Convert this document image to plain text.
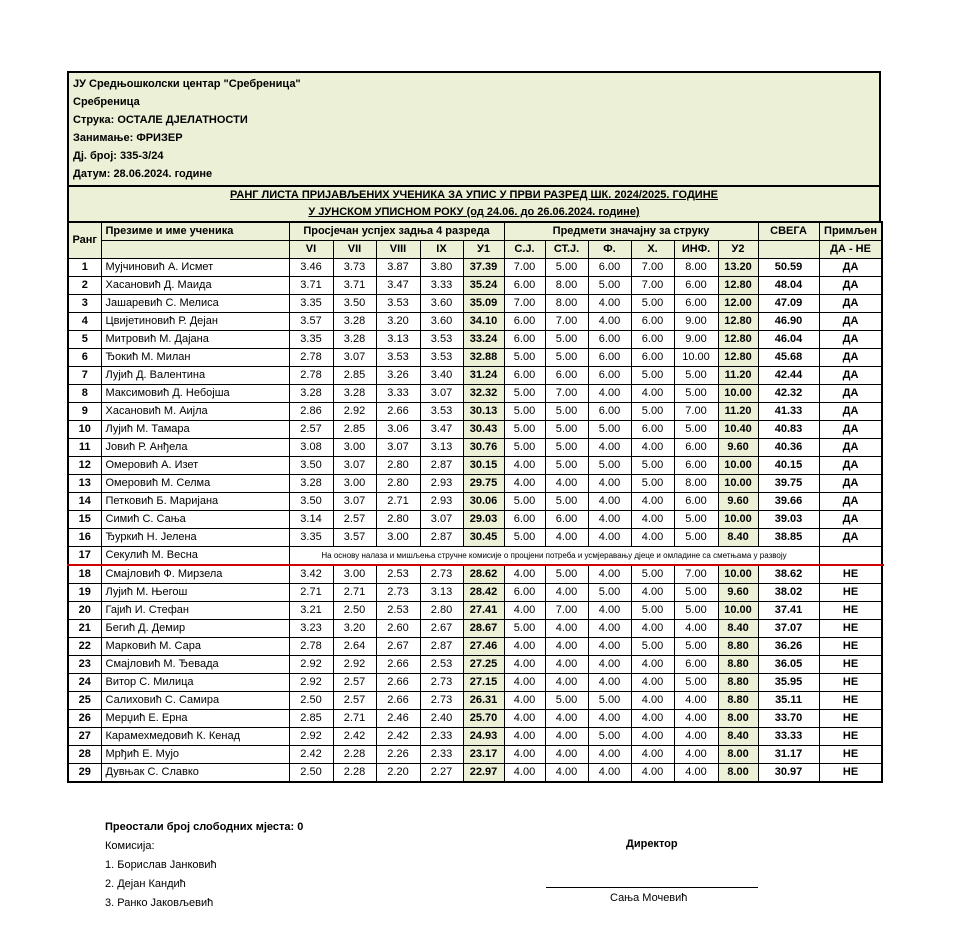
ЈУ Средњошколски центар "Сребреница"
Сребреница
Струка: ОСТАЛЕ ДЈЕЛАТНОСТИ
Занимање: ФРИЗЕР
Дј. број: 335-3/24
Датум: 28.06.2024. године
РАНГ ЛИСТА ПРИЈАВЉЕНИХ УЧЕНИКА ЗА УПИС У ПРВИ РАЗРЕД ШК. 2024/2025. ГОДИНЕ
У ЈУНСКОМ УПИСНОМ РОКУ (од 24.06. до 26.06.2024. године)
Ранг	Презиме и име ученика	Просјечан успјех задња 4 разреда					Предмети значајну за струку						СВЕГА	Примљен	
		VI	VII	VIII	IX	У1	С.Ј.	СТ.Ј.	Ф.	Х.	ИНФ.	У2		ДА - НЕ	
1	Мујчиновић А. Исмет	3.46	3.73	3.87	3.80	37.39	7.00	5.00	6.00	7.00	8.00	13.20	50.59	ДА	
2	Хасановић Д. Маида	3.71	3.71	3.47	3.33	35.24	6.00	8.00	5.00	7.00	6.00	12.80	48.04	ДА	
3	Јашаревић С. Мелиса	3.35	3.50	3.53	3.60	35.09	7.00	8.00	4.00	5.00	6.00	12.00	47.09	ДА	
4	Цвијетиновић Р. Дејан	3.57	3.28	3.20	3.60	34.10	6.00	7.00	4.00	6.00	9.00	12.80	46.90	ДА	
5	Митровић М. Дајана	3.35	3.28	3.13	3.53	33.24	6.00	5.00	6.00	6.00	9.00	12.80	46.04	ДА	
6	Ђокић М. Милан	2.78	3.07	3.53	3.53	32.88	5.00	5.00	6.00	6.00	10.00	12.80	45.68	ДА	
7	Лујић Д. Валентина	2.78	2.85	3.26	3.40	31.24	6.00	6.00	6.00	5.00	5.00	11.20	42.44	ДА	
8	Максимовић Д. Небојша	3.28	3.28	3.33	3.07	32.32	5.00	7.00	4.00	4.00	5.00	10.00	42.32	ДА	
9	Хасановић М. Аијла	2.86	2.92	2.66	3.53	30.13	5.00	5.00	6.00	5.00	7.00	11.20	41.33	ДА	
10	Лујић М. Тамара	2.57	2.85	3.06	3.47	30.43	5.00	5.00	5.00	6.00	5.00	10.40	40.83	ДА	
11	Јовић Р. Анђела	3.08	3.00	3.07	3.13	30.76	5.00	5.00	4.00	4.00	6.00	9.60	40.36	ДА	
12	Омеровић А. Изет	3.50	3.07	2.80	2.87	30.15	4.00	5.00	5.00	5.00	6.00	10.00	40.15	ДА	
13	Омеровић М. Селма	3.28	3.00	2.80	2.93	29.75	4.00	4.00	4.00	5.00	8.00	10.00	39.75	ДА	
14	Петковић Б. Маријана	3.50	3.07	2.71	2.93	30.06	5.00	5.00	4.00	4.00	6.00	9.60	39.66	ДА	
15	Симић С. Сања	3.14	2.57	2.80	3.07	29.03	6.00	6.00	4.00	4.00	5.00	10.00	39.03	ДА	
16	Ђуркић Н. Јелена	3.35	3.57	3.00	2.87	30.45	5.00	4.00	4.00	4.00	5.00	8.40	38.85	ДА	
17	Секулић М. Весна	На основу налаза и мишљења стручне комисије о процјени потреба и усмјеравању дјеце и омладине са сметњама у развоју		
18	Смајловић Ф. Мирзела	3.42	3.00	2.53	2.73	28.62	4.00	5.00	4.00	5.00	7.00	10.00	38.62	НЕ	
19	Лујић М. Његош	2.71	2.71	2.73	3.13	28.42	6.00	4.00	5.00	4.00	5.00	9.60	38.02	НЕ	
20	Гајић И. Стефан	3.21	2.50	2.53	2.80	27.41	4.00	7.00	4.00	5.00	5.00	10.00	37.41	НЕ	
21	Бегић Д. Демир	3.23	3.20	2.60	2.67	28.67	5.00	4.00	4.00	4.00	4.00	8.40	37.07	НЕ	
22	Марковић М. Сара	2.78	2.64	2.67	2.87	27.46	4.00	4.00	4.00	5.00	5.00	8.80	36.26	НЕ	
23	Смајловић М. Ђевада	2.92	2.92	2.66	2.53	27.25	4.00	4.00	4.00	4.00	6.00	8.80	36.05	НЕ	
24	Витор С. Милица	2.92	2.57	2.66	2.73	27.15	4.00	4.00	4.00	4.00	5.00	8.80	35.95	НЕ	
25	Салиховић С. Самира	2.50	2.57	2.66	2.73	26.31	4.00	5.00	5.00	4.00	4.00	8.80	35.11	НЕ	
26	Мерџић Е. Ерна	2.85	2.71	2.46	2.40	25.70	4.00	4.00	4.00	4.00	4.00	8.00	33.70	НЕ	
27	Карамехмедовић К. Кенад	2.92	2.42	2.42	2.33	24.93	4.00	4.00	5.00	4.00	4.00	8.40	33.33	НЕ	
28	Мрђић Е. Мујо	2.42	2.28	2.26	2.33	23.17	4.00	4.00	4.00	4.00	4.00	8.00	31.17	НЕ	
29	Дувњак С. Славко	2.50	2.28	2.20	2.27	22.97	4.00	4.00	4.00	4.00	4.00	8.00	30.97	НЕ	
Преостали број слободних мјеста: 0
Комисија:
1. Борислав Јанковић
2. Дејан Кандић
3. Ранко Јаковљевић
Директор
Сања Мочевић
